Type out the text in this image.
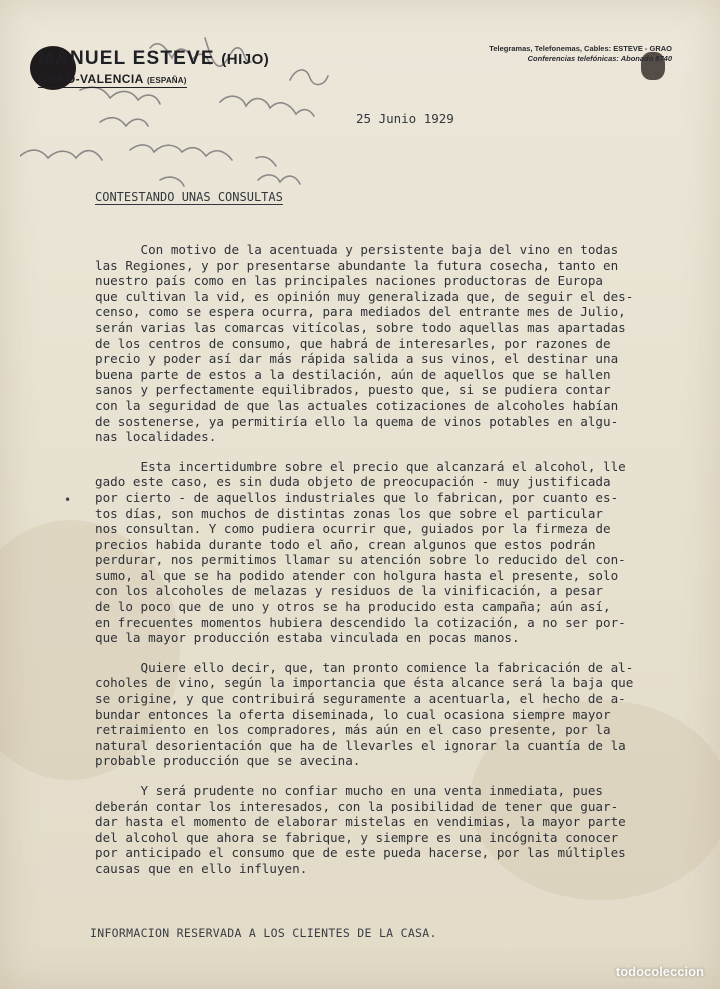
MANUEL ESTEVE (HIJO)
GRAO-VALENCIA (ESPAÑA)
Telegramas, Telefonemas, Cables: ESTEVE - GRAO
Conferencias telefónicas: Abonado 8740
25 Junio 1929
CONTESTANDO UNAS CONSULTAS
•
Con motivo de la acentuada y persistente baja del vino en todas
las Regiones, y por presentarse abundante la futura cosecha, tanto en
nuestro país como en las principales naciones productoras de Europa
que cultivan la vid, es opinión muy generalizada que, de seguir el des-
censo, como se espera ocurra, para mediados del entrante mes de Julio,
serán varias las comarcas vitícolas, sobre todo aquellas mas apartadas
de los centros de consumo, que habrá de interesarles, por razones de
precio y poder así dar más rápida salida a sus vinos, el destinar una
buena parte de estos a la destilación, aún de aquellos que se hallen
sanos y perfectamente equilibrados, puesto que, si se pudiera contar
con la seguridad de que las actuales cotizaciones de alcoholes habían
de sostenerse, ya permitiría ello la quema de vinos potables en algu-
nas localidades.
Esta incertidumbre sobre el precio que alcanzará el alcohol, lle
gado este caso, es sin duda objeto de preocupación - muy justificada
por cierto - de aquellos industriales que lo fabrican, por cuanto es-
tos días, son muchos de distintas zonas los que sobre el particular
nos consultan. Y como pudiera ocurrir que, guiados por la firmeza de
precios habida durante todo el año, crean algunos que estos podrán
perdurar, nos permitimos llamar su atención sobre lo reducido del con-
sumo, al que se ha podido atender con holgura hasta el presente, solo
con los alcoholes de melazas y residuos de la vinificación, a pesar
de lo poco que de uno y otros se ha producido esta campaña; aún así,
en frecuentes momentos hubiera descendido la cotización, a no ser por-
que la mayor producción estaba vinculada en pocas manos.
Quiere ello decir, que, tan pronto comience la fabricación de al-
coholes de vino, según la importancia que ésta alcance será la baja que
se origine, y que contribuirá seguramente a acentuarla, el hecho de a-
bundar entonces la oferta diseminada, lo cual ocasiona siempre mayor
retraimiento en los compradores, más aún en el caso presente, por la
natural desorientación que ha de llevarles el ignorar la cuantía de la
probable producción que se avecina.
Y será prudente no confiar mucho en una venta inmediata, pues
deberán contar los interesados, con la posibilidad de tener que guar-
dar hasta el momento de elaborar mistelas en vendimias, la mayor parte
del alcohol que ahora se fabrique, y siempre es una incógnita conocer
por anticipado el consumo que de este pueda hacerse, por las múltiples
causas que en ello influyen.
INFORMACION RESERVADA A LOS CLIENTES DE LA CASA.
todocoleccion
